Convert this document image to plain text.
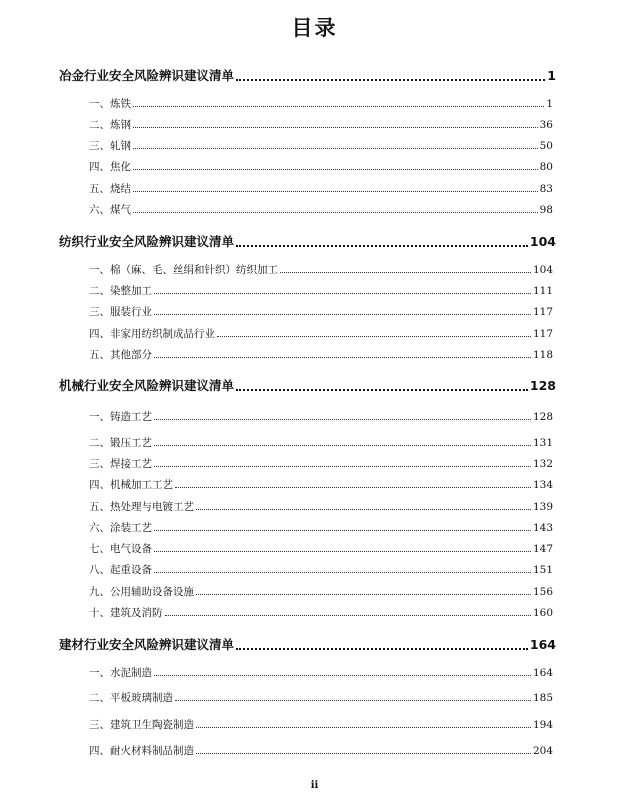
目录
冶金行业安全风险辨识建议清单	1
一、炼铁	1
二、炼钢	36
三、轧钢	50
四、焦化	80
五、烧结	83
六、煤气	98
纺织行业安全风险辨识建议清单	104
一、棉（麻、毛、丝绢和针织）纺织加工	104
二、染整加工	111
三、服装行业	117
四、非家用纺织制成品行业	117
五、其他部分	118
机械行业安全风险辨识建议清单	128
一、铸造工艺	128
二、锻压工艺	131
三、焊接工艺	132
四、机械加工工艺	134
五、热处理与电镀工艺	139
六、涂装工艺	143
七、电气设备	147
八、起重设备	151
九、公用辅助设备设施	156
十、建筑及消防	160
建材行业安全风险辨识建议清单	164
一、水泥制造	164
二、平板玻璃制造	185
三、建筑卫生陶瓷制造	194
四、耐火材料制品制造	204
ii
